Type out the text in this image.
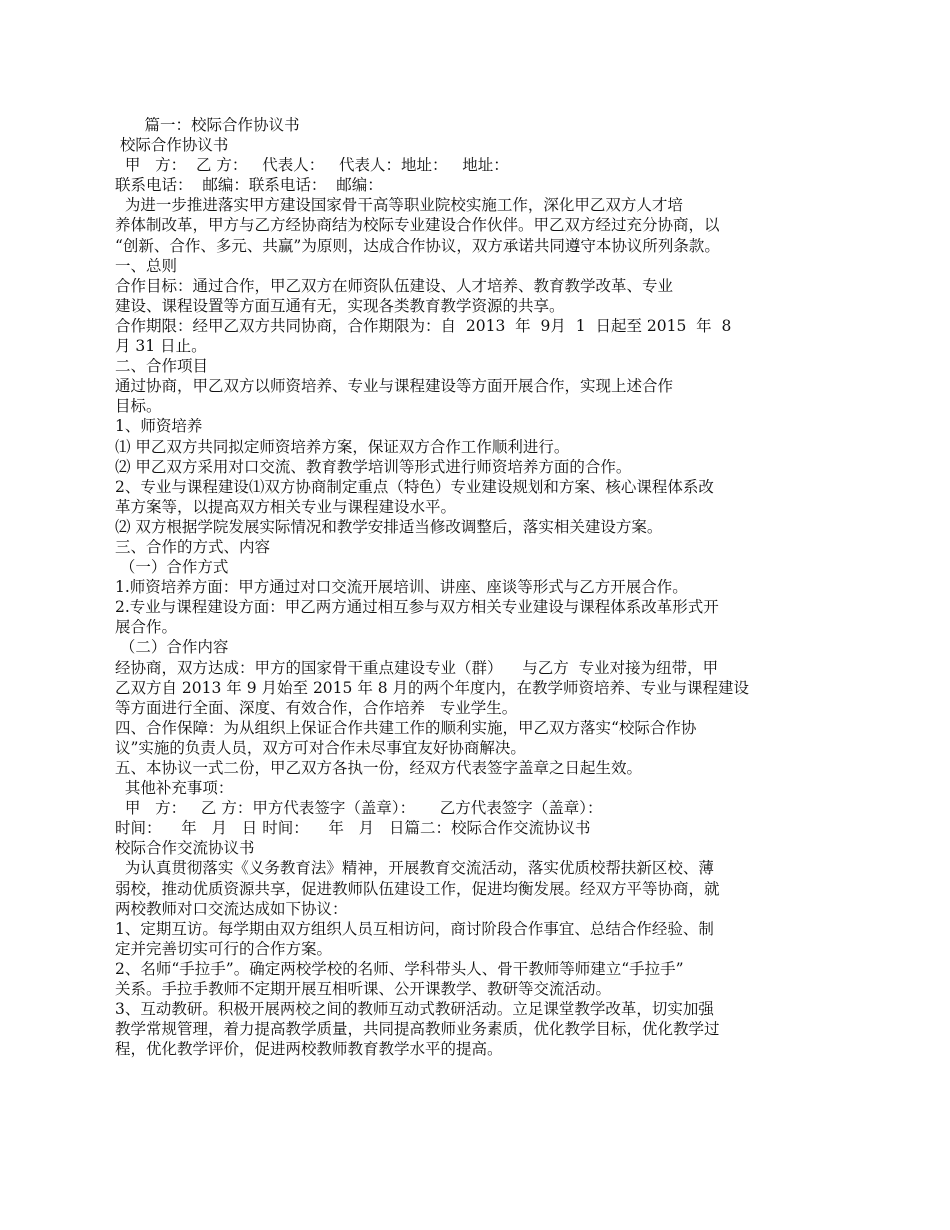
篇一：校际合作协议书
校际合作协议书
甲   方：  乙 方：   代表人：   代表人：地址：   地址：
联系电话：  邮编：联系电话：  邮编：
为进一步推进落实甲方建设国家骨干高等职业院校实施工作，深化甲乙双方人才培
养体制改革，甲方与乙方经协商结为校际专业建设合作伙伴。甲乙双方经过充分协商，以
“创新、合作、多元、共赢”为原则，达成合作协议，双方承诺共同遵守本协议所列条款。
一、总则
合作目标：通过合作，甲乙双方在师资队伍建设、人才培养、教育教学改革、专业
建设、课程设置等方面互通有无，实现各类教育教学资源的共享。
合作期限：经甲乙双方共同协商，合作期限为：自  2013  年  9月  1  日起至 2015  年  8
月 31 日止。
二、合作项目
通过协商，甲乙双方以师资培养、专业与课程建设等方面开展合作，实现上述合作
目标。
1、师资培养
⑴ 甲乙双方共同拟定师资培养方案，保证双方合作工作顺利进行。
⑵ 甲乙双方采用对口交流、教育教学培训等形式进行师资培养方面的合作。
2、专业与课程建设⑴双方协商制定重点（特色）专业建设规划和方案、核心课程体系改
革方案等，以提高双方相关专业与课程建设水平。
⑵ 双方根据学院发展实际情况和教学安排适当修改调整后，落实相关建设方案。
三、合作的方式、内容
（一）合作方式
1.师资培养方面：甲方通过对口交流开展培训、讲座、座谈等形式与乙方开展合作。
2.专业与课程建设方面：甲乙两方通过相互参与双方相关专业建设与课程体系改革形式开
展合作。
（二）合作内容
经协商，双方达成：甲方的国家骨干重点建设专业（群）    与乙方  专业对接为纽带，甲
乙双方自 2013 年 9 月始至 2015 年 8 月的两个年度内，在教学师资培养、专业与课程建设
等方面进行全面、深度、有效合作，合作培养   专业学生。
四、合作保障：为从组织上保证合作共建工作的顺利实施，甲乙双方落实“校际合作协
议”实施的负责人员，双方可对合作未尽事宜友好协商解决。
五、本协议一式二份，甲乙双方各执一份，经双方代表签字盖章之日起生效。
其他补充事项：
甲   方：   乙 方：甲方代表签字（盖章）：     乙方代表签字（盖章）：
时间：    年   月   日 时间：    年   月   日篇二：校际合作交流协议书
校际合作交流协议书
为认真贯彻落实《义务教育法》精神，开展教育交流活动，落实优质校帮扶新区校、薄
弱校，推动优质资源共享，促进教师队伍建设工作，促进均衡发展。经双方平等协商，就
两校教师对口交流达成如下协议：
1、定期互访。每学期由双方组织人员互相访问，商讨阶段合作事宜、总结合作经验、制
定并完善切实可行的合作方案。
2、名师“手拉手”。确定两校学校的名师、学科带头人、骨干教师等师建立“手拉手”
关系。手拉手教师不定期开展互相听课、公开课教学、教研等交流活动。
3、互动教研。积极开展两校之间的教师互动式教研活动。立足课堂教学改革，切实加强
教学常规管理，着力提高教学质量，共同提高教师业务素质，优化教学目标，优化教学过
程，优化教学评价，促进两校教师教育教学水平的提高。
